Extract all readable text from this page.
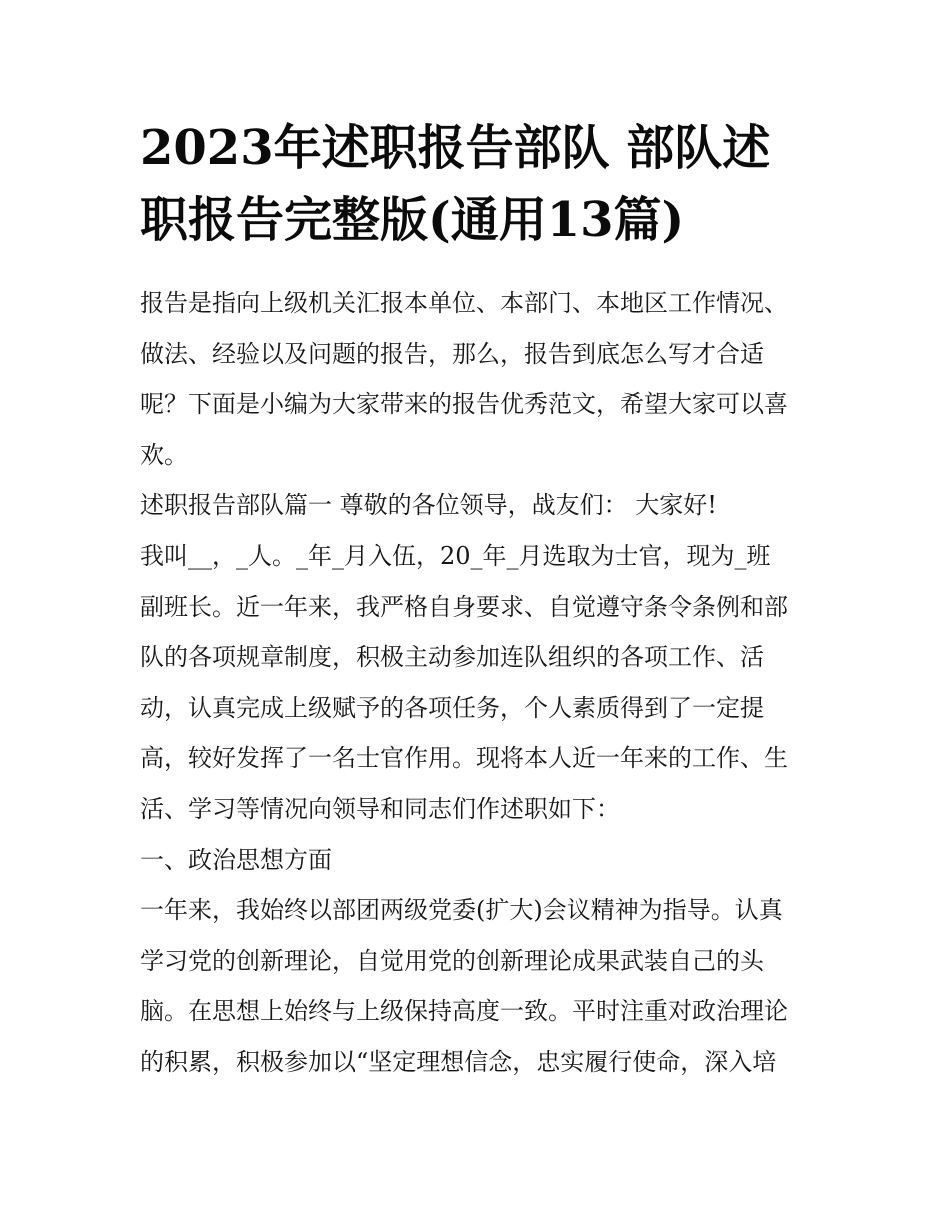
2023年述职报告部队 部队述
职报告完整版(通用13篇)
报告是指向上级机关汇报本单位、本部门、本地区工作情况、
做法、经验以及问题的报告，那么，报告到底怎么写才合适
呢？下面是小编为大家带来的报告优秀范文，希望大家可以喜
欢。
述职报告部队篇一 尊敬的各位领导，战友们： 大家好!
我叫__，_人。_年_月入伍，20_年_月选取为士官，现为_班
副班长。近一年来，我严格自身要求、自觉遵守条令条例和部
队的各项规章制度，积极主动参加连队组织的各项工作、活
动，认真完成上级赋予的各项任务，个人素质得到了一定提
高，较好发挥了一名士官作用。现将本人近一年来的工作、生
活、学习等情况向领导和同志们作述职如下：
一、政治思想方面
一年来，我始终以部团两级党委(扩大)会议精神为指导。认真
学习党的创新理论，自觉用党的创新理论成果武装自己的头
脑。在思想上始终与上级保持高度一致。平时注重对政治理论
的积累，积极参加以“坚定理想信念，忠实履行使命，深入培
